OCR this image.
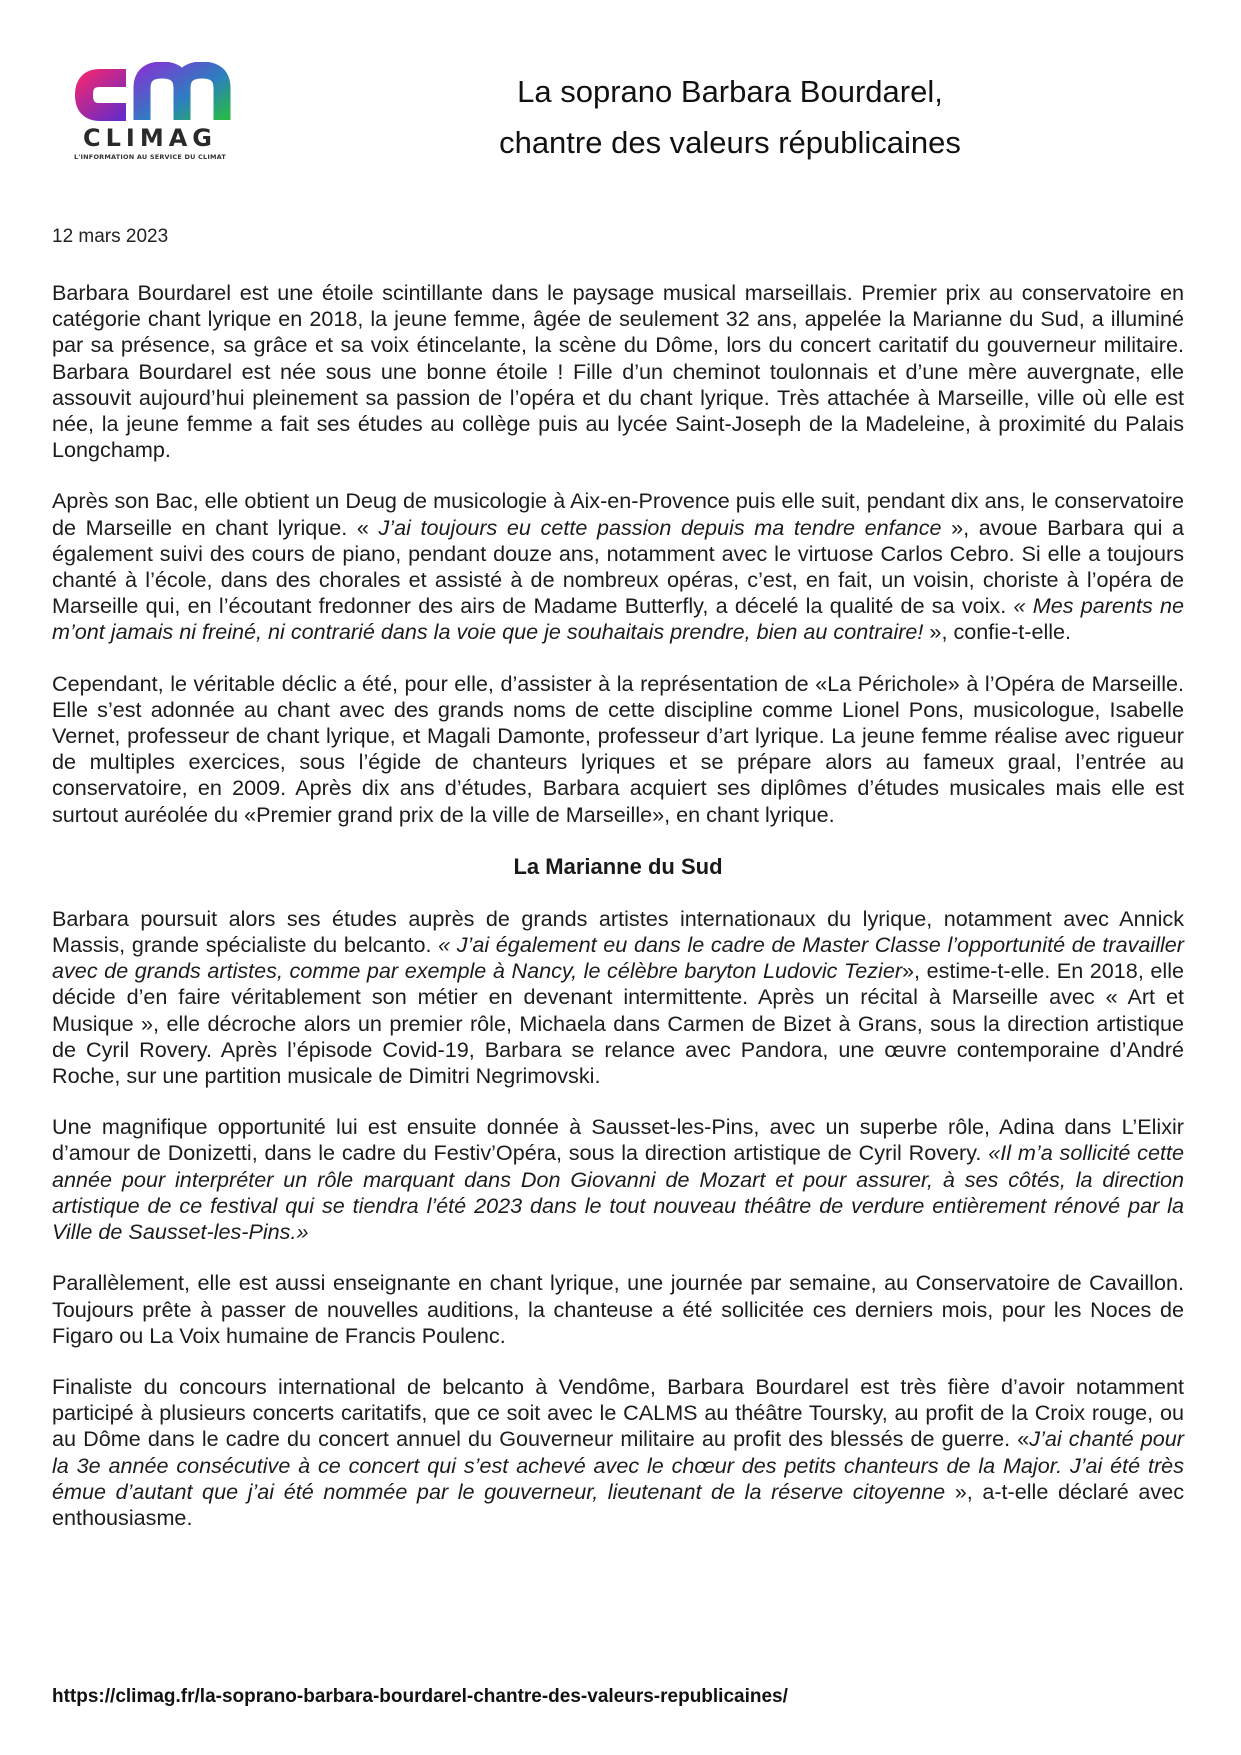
CLIMAG
L'INFORMATION AU SERVICE DU CLIMAT
La soprano Barbara Bourdarel,
chantre des valeurs républicaines
12 mars 2023

Barbara Bourdarel est une étoile scintillante dans le paysage musical marseillais. Premier prix au conservatoire en catégorie chant lyrique en 2018, la jeune femme, âgée de seulement 32 ans, appelée la Marianne du Sud, a illuminé par sa présence, sa grâce et sa voix étincelante, la scène du Dôme, lors du concert caritatif du gouverneur militaire. Barbara Bourdarel est née sous une bonne étoile ! Fille d’un cheminot toulonnais et d’une mère auvergnate, elle assouvit aujourd’hui pleinement sa passion de l’opéra et du chant lyrique. Très attachée à Marseille, ville où elle est née, la jeune femme a fait ses études au collège puis au lycée Saint-Joseph de la Madeleine, à proximité du Palais Longchamp.

Après son Bac, elle obtient un Deug de musicologie à Aix-en-Provence puis elle suit, pendant dix ans, le conservatoire de Marseille en chant lyrique. « J’ai toujours eu cette passion depuis ma tendre enfance », avoue Barbara qui a également suivi des cours de piano, pendant douze ans, notamment avec le virtuose Carlos Cebro. Si elle a toujours chanté à l’école, dans des chorales et assisté à de nombreux opéras, c’est, en fait, un voisin, choriste à l’opéra de Marseille qui, en l’écoutant fredonner des airs de Madame Butterfly, a décelé la qualité de sa voix. « Mes parents ne m’ont jamais ni freiné, ni contrarié dans la voie que je souhaitais prendre, bien au contraire! », confie-t-elle.

Cependant, le véritable déclic a été, pour elle, d’assister à la représentation de «La Périchole» à l’Opéra de Marseille. Elle s’est adonnée au chant avec des grands noms de cette discipline comme Lionel Pons, musicologue, Isabelle Vernet, professeur de chant lyrique, et Magali Damonte, professeur d’art lyrique. La jeune femme réalise avec rigueur de multiples exercices, sous l’égide de chanteurs lyriques et se prépare alors au fameux graal, l’entrée au conservatoire, en 2009. Après dix ans d’études, Barbara acquiert ses diplômes d’études musicales mais elle est surtout auréolée du «Premier grand prix de la ville de Marseille», en chant lyrique.

La Marianne du Sud

Barbara poursuit alors ses études auprès de grands artistes internationaux du lyrique, notamment avec Annick Massis, grande spécialiste du belcanto. « J’ai également eu dans le cadre de Master Classe l’opportunité de travailler avec de grands artistes, comme par exemple à Nancy, le célèbre baryton Ludovic Tezier», estime-t-elle. En 2018, elle décide d’en faire véritablement son métier en devenant intermittente. Après un récital à Marseille avec « Art et Musique », elle décroche alors un premier rôle, Michaela dans Carmen de Bizet à Grans, sous la direction artistique de Cyril Rovery. Après l’épisode Covid-19, Barbara se relance avec Pandora, une œuvre contemporaine d’André Roche, sur une partition musicale de Dimitri Negrimovski.

Une magnifique opportunité lui est ensuite donnée à Sausset-les-Pins, avec un superbe rôle, Adina dans L’Elixir d’amour de Donizetti, dans le cadre du Festiv’Opéra, sous la direction artistique de Cyril Rovery. «Il m’a sollicité cette année pour interpréter un rôle marquant dans Don Giovanni de Mozart et pour assurer, à ses côtés, la direction artistique de ce festival qui se tiendra l’été 2023 dans le tout nouveau théâtre de verdure entièrement rénové par la Ville de Sausset-les-Pins.»

Parallèlement, elle est aussi enseignante en chant lyrique, une journée par semaine, au Conservatoire de Cavaillon. Toujours prête à passer de nouvelles auditions, la chanteuse a été sollicitée ces derniers mois, pour les Noces de Figaro ou La Voix humaine de Francis Poulenc.

Finaliste du concours international de belcanto à Vendôme, Barbara Bourdarel est très fière d’avoir notamment participé à plusieurs concerts caritatifs, que ce soit avec le CALMS au théâtre Toursky, au profit de la Croix rouge, ou au Dôme dans le cadre du concert annuel du Gouverneur militaire au profit des blessés de guerre. «J’ai chanté pour la 3e année consécutive à ce concert qui s’est achevé avec le chœur des petits chanteurs de la Major. J’ai été très émue d’autant que j’ai été nommée par le gouverneur, lieutenant de la réserve citoyenne », a-t-elle déclaré avec enthousiasme.

https://climag.fr/la-soprano-barbara-bourdarel-chantre-des-valeurs-republicaines/
